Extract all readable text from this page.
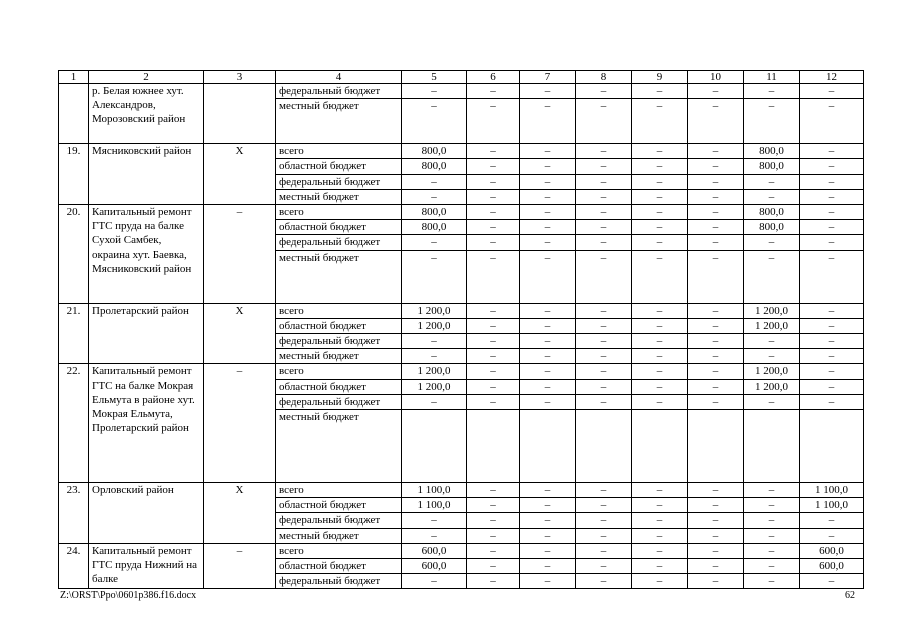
1	2	3	4	5	6	7	8	9	10	11	12
	р. Белая южнее хут. Александров, Морозовский район		федеральный бюджет	–	–	–	–	–	–	–	–
			местный бюджет	–	–	–	–	–	–	–	–
19.	Мясниковский район	X	всего	800,0	–	–	–	–	–	800,0	–
			областной бюджет	800,0	–	–	–	–	–	800,0	–
			федеральный бюджет	–	–	–	–	–	–	–	–
			местный бюджет	–	–	–	–	–	–	–	–
20.	Капитальный ремонт ГТС пруда на балке Сухой Самбек, окраина хут. Баевка, Мясниковский район	–	всего	800,0	–	–	–	–	–	800,0	–
			областной бюджет	800,0	–	–	–	–	–	800,0	–
			федеральный бюджет	–	–	–	–	–	–	–	–
			местный бюджет	–	–	–	–	–	–	–	–
21.	Пролетарский район	X	всего	1 200,0	–	–	–	–	–	1 200,0	–
			областной бюджет	1 200,0	–	–	–	–	–	1 200,0	–
			федеральный бюджет	–	–	–	–	–	–	–	–
			местный бюджет	–	–	–	–	–	–	–	–
22.	Капитальный ремонт ГТС на балке Мокрая Ельмута в районе хут. Мокрая Ельмута, Пролетарский район	–	всего	1 200,0	–	–	–	–	–	1 200,0	–
			областной бюджет	1 200,0	–	–	–	–	–	1 200,0	–
			федеральный бюджет	–	–	–	–	–	–	–	–
			местный бюджет								
23.	Орловский район	X	всего	1 100,0	–	–	–	–	–	–	1 100,0
			областной бюджет	1 100,0	–	–	–	–	–	–	1 100,0
			федеральный бюджет	–	–	–	–	–	–	–	–
			местный бюджет	–	–	–	–	–	–	–	–
24.	Капитальный ремонт ГТС пруда Нижний на балке	–	всего	600,0	–	–	–	–	–	–	600,0
			областной бюджет	600,0	–	–	–	–	–	–	600,0
			федеральный бюджет	–	–	–	–	–	–	–	–
Z:\ORST\Ppo\0601p386.f16.docx	62
